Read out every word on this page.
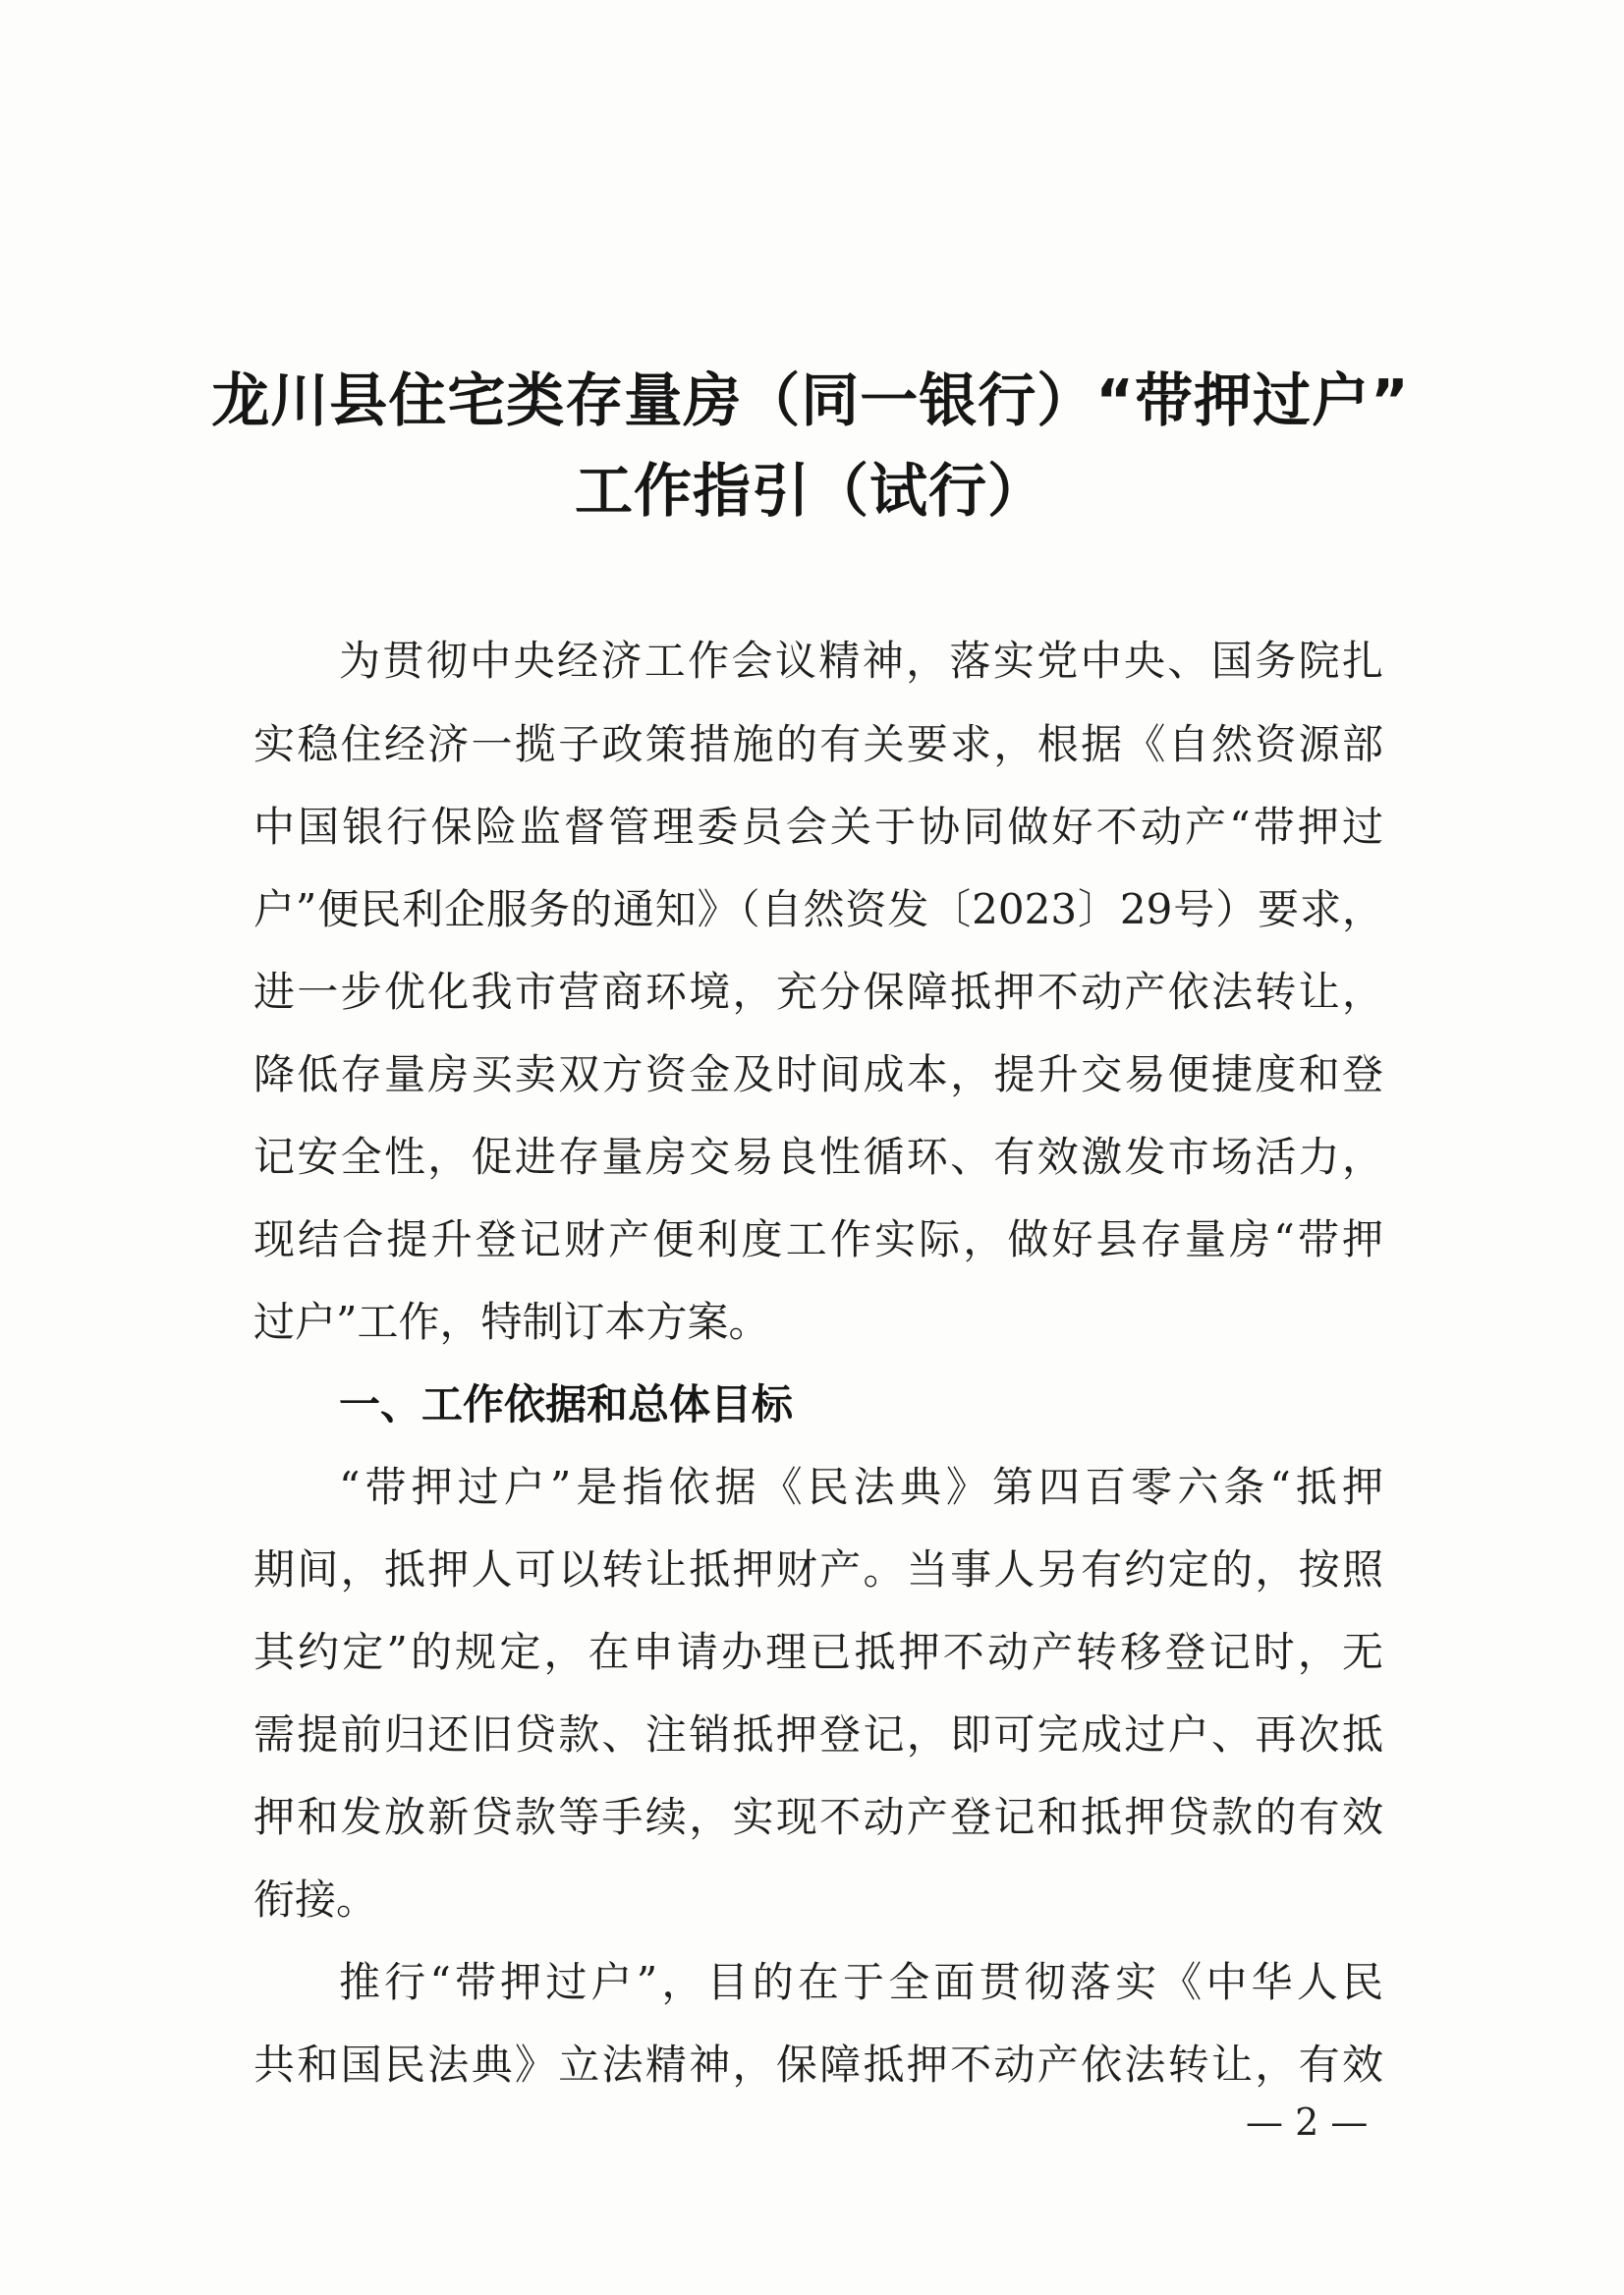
龙川县住宅类存量房（同一银行）“带押过户”
工作指引（试行）
为贯彻中央经济工作会议精神，落实党中央、国务院扎
实稳住经济一揽子政策措施的有关要求，根据《自然资源部
中国银行保险监督管理委员会关于协同做好不动产“带押过
户”便民利企服务的通知》（自然资发〔2023〕29号）要求，
进一步优化我市营商环境，充分保障抵押不动产依法转让，
降低存量房买卖双方资金及时间成本，提升交易便捷度和登
记安全性，促进存量房交易良性循环、有效激发市场活力，
现结合提升登记财产便利度工作实际，做好县存量房“带押
过户”工作，特制订本方案。
一、工作依据和总体目标
“带押过户”是指依据《民法典》第四百零六条“抵押
期间，抵押人可以转让抵押财产。当事人另有约定的，按照
其约定”的规定，在申请办理已抵押不动产转移登记时，无
需提前归还旧贷款、注销抵押登记，即可完成过户、再次抵
押和发放新贷款等手续，实现不动产登记和抵押贷款的有效
衔接。
推行“带押过户”，目的在于全面贯彻落实《中华人民
共和国民法典》立法精神，保障抵押不动产依法转让，有效
— 2 —
